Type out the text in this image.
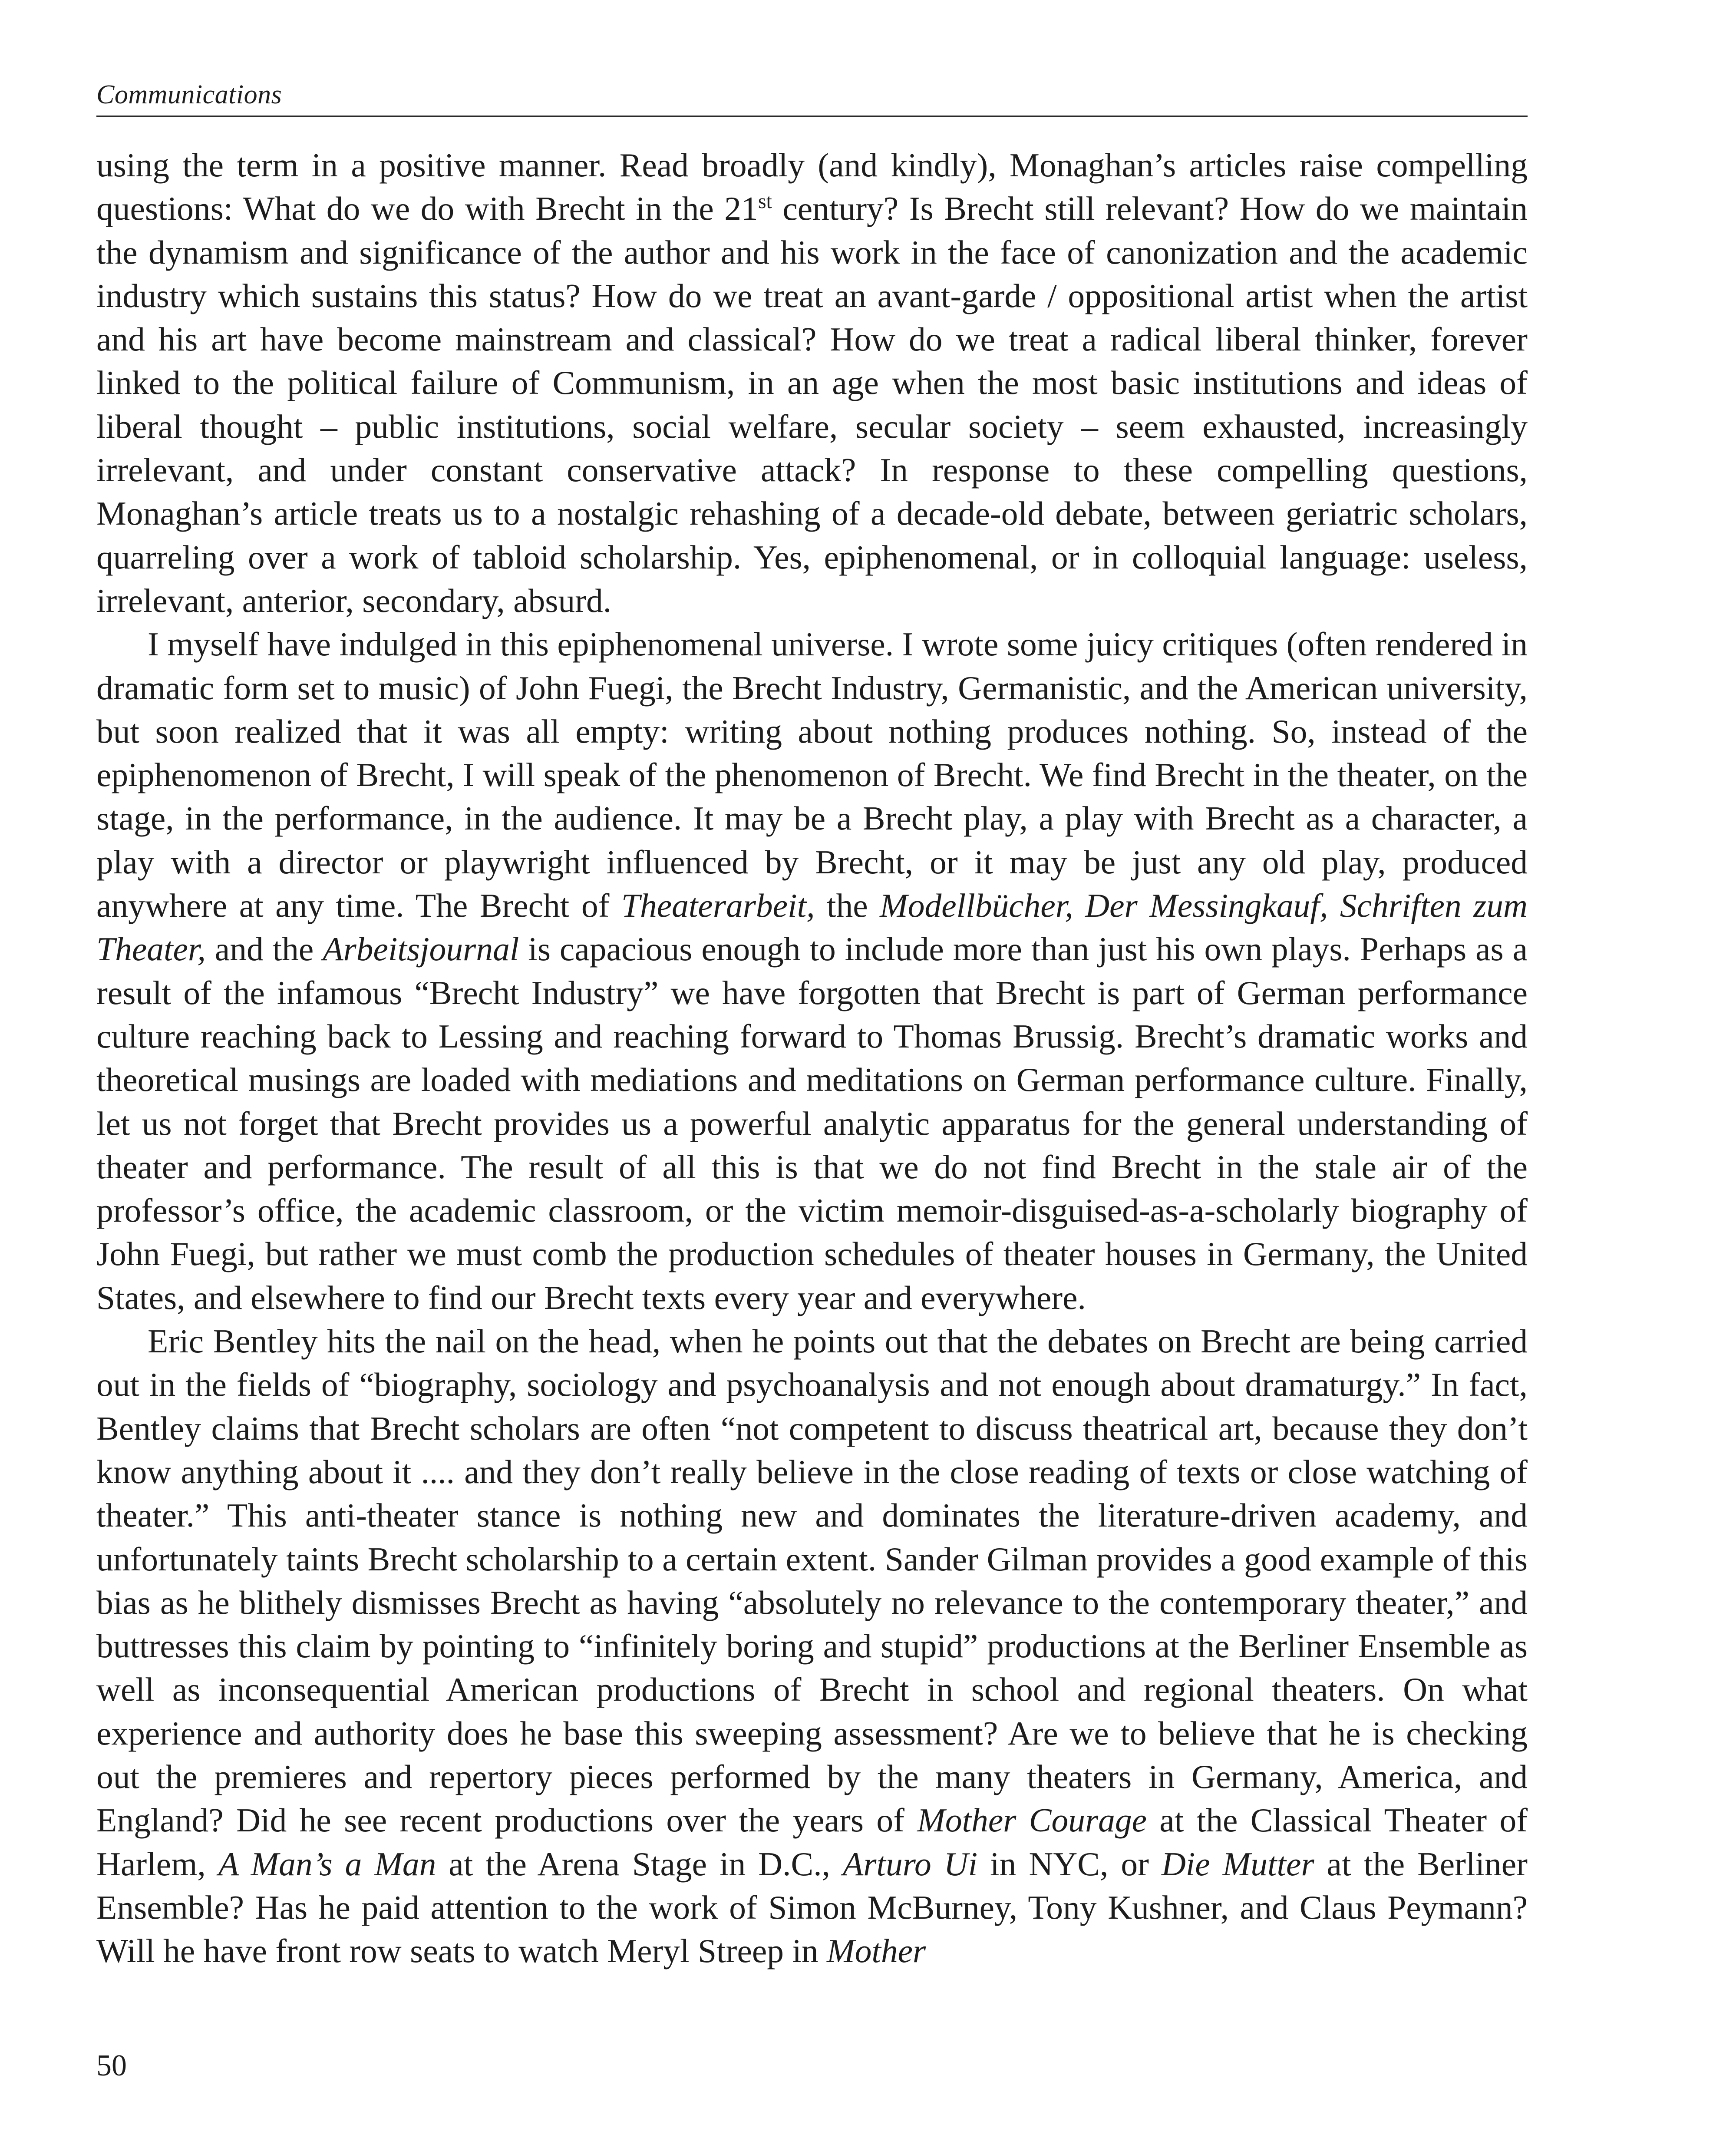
Communications

using the term in a positive manner. Read broadly (and kindly), Monaghan’s articles raise compelling questions: What do we do with Brecht in the 21st century? Is Brecht still relevant? How do we maintain the dynamism and significance of the author and his work in the face of canonization and the academic industry which sustains this status? How do we treat an avant-garde / oppositional artist when the artist and his art have become mainstream and classical? How do we treat a radical liberal thinker, forever linked to the political failure of Communism, in an age when the most basic institutions and ideas of liberal thought – public institutions, social welfare, secular society – seem exhausted, increasingly irrelevant, and under constant conservative attack? In response to these compelling questions, Monaghan’s article treats us to a nostalgic rehashing of a decade-old debate, between geriatric scholars, quarreling over a work of tabloid scholarship. Yes, epiphenomenal, or in colloquial language: useless, irrelevant, anterior, secondary, absurd.

I myself have indulged in this epiphenomenal universe. I wrote some juicy critiques (often rendered in dramatic form set to music) of John Fuegi, the Brecht Industry, Germanistic, and the American university, but soon realized that it was all empty: writing about nothing produces nothing. So, instead of the epiphenomenon of Brecht, I will speak of the phenomenon of Brecht. We find Brecht in the theater, on the stage, in the performance, in the audience. It may be a Brecht play, a play with Brecht as a character, a play with a director or playwright influenced by Brecht, or it may be just any old play, produced anywhere at any time. The Brecht of Theaterarbeit, the Modellbücher, Der Messingkauf, Schriften zum Theater, and the Arbeitsjournal is capacious enough to include more than just his own plays. Perhaps as a result of the infamous “Brecht Industry” we have forgotten that Brecht is part of German performance culture reaching back to Lessing and reaching forward to Thomas Brussig. Brecht’s dramatic works and theoretical musings are loaded with mediations and meditations on German performance culture. Finally, let us not forget that Brecht provides us a powerful analytic apparatus for the general understanding of theater and performance. The result of all this is that we do not find Brecht in the stale air of the professor’s office, the academic classroom, or the victim memoir-disguised-as-a-scholarly biography of John Fuegi, but rather we must comb the production schedules of theater houses in Germany, the United States, and elsewhere to find our Brecht texts every year and everywhere.

Eric Bentley hits the nail on the head, when he points out that the debates on Brecht are being carried out in the fields of “biography, sociology and psychoanalysis and not enough about dramaturgy.” In fact, Bentley claims that Brecht scholars are often “not competent to discuss theatrical art, because they don’t know anything about it .... and they don’t really believe in the close reading of texts or close watching of theater.” This anti-theater stance is nothing new and dominates the literature-driven academy, and unfortunately taints Brecht scholarship to a certain extent. Sander Gilman provides a good example of this bias as he blithely dismisses Brecht as having “absolutely no relevance to the contemporary theater,” and buttresses this claim by pointing to “infinitely boring and stupid” productions at the Berliner Ensemble as well as inconsequential American productions of Brecht in school and regional theaters. On what experience and authority does he base this sweeping assessment? Are we to believe that he is checking out the premieres and repertory pieces performed by the many theaters in Germany, America, and England? Did he see recent productions over the years of Mother Courage at the Classical Theater of Harlem, A Man’s a Man at the Arena Stage in D.C., Arturo Ui in NYC, or Die Mutter at the Berliner Ensemble? Has he paid attention to the work of Simon McBurney, Tony Kushner, and Claus Peymann? Will he have front row seats to watch Meryl Streep in Mother

50
